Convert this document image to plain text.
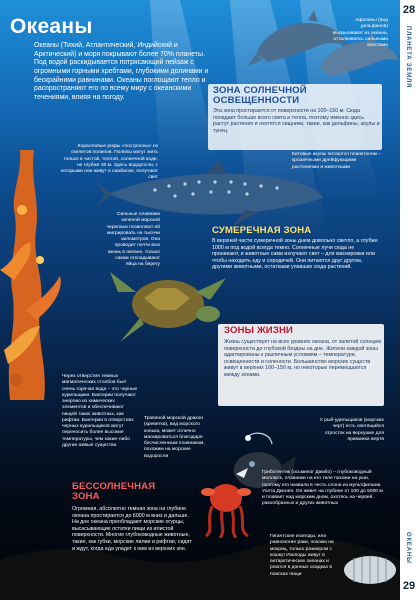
Океаны
Океаны (Тихий, Атлантический, Индийский и Арктический) и моря покрывают более 70% планеты. Под водой раскидывается потрясающий пейзаж с огромными горными хребтами, глубокими долинами и бескрайними равнинами. Океаны поглощают тепло и распространяют его по всему миру с океанскими течениями, влияя на погоду.
Афалины (вид дельфинов) выпрыгивают из океана, отталкиваясь сильными хвостами
ЗОНА СОЛНЕЧНОЙ ОСВЕЩЕННОСТИ
Эта зона простирается от поверхности на 100–150 м. Сюда попадает больше всего света и тепла, поэтому именно здесь растут растения и охотятся хищники, такие, как дельфины, акулы и тунец.
Коралловые рифы «построены» из скелетов полипов. Полипы могут жить только в чистой, теплой, солнечной воде, не глубже 30 м. Здесь водоросли, с которыми они живут в симбиозе, получают свет
Китовые акулы питаются планктоном – крошечными дрейфующими растениями и животными
Сильные плавники зеленой морской черепахи позволяют ей мигрировать на тысячи километров. Она проводит почти всю жизнь в океане, только самки откладывают яйца на берегу
СУМЕРЕЧНАЯ ЗОНА
В верхней части сумеречной зоны днем довольно светло, а глубже 1000 м под водой всегда темно. Солнечные лучи сюда не проникают, и животные сами излучают свет – для маскировки или чтобы находить еду и сородичей. Они питаются друг другом, другими животными, остатками упавших сюда растений.
ЗОНЫ ЖИЗНИ
Жизнь существует на всех уровнях океана, от залитой солнцем поверхности до глубокой бездны на дне. Жители каждой зоны адаптированы к различным условиям – температуре, освещенности и солености. Большинство морских существ живут в верхних 100–150 м, но некоторые перемещаются между зонами.
Через отверстия темных магматических столбов бьет очень горячая вода – это черные курильщики. Бактерии получают энергию из химических элементов и обеспечивают пищей таких животных, как рифтии. Бактерии в отверстиях черных курильщиков могут переносить более высокие температуры, чем какие-либо другие живые существа
Травяной морской дракон (креветка), вид морского конька, может отлично маскироваться благодаря бесчисленным плавникам, похожим на морские водоросли
У рыб-удильщиков (морских черт) есть светящийся отросток на верхушке для приманки жертв
БЕССОЛНЕЧНАЯ ЗОНА
Огромная, абсолютно темная зона на глубине океана простирается до 6000 м вниз и дальше. На дне океана преобладают морские огурцы, высасывающие остатки пищи из илистой поверхности. Многие глубоководные животные, такие, как губки, морские лилии и рифтии, сидят и ждут, когда еда упадет к ним из верхних зон.
Гриботентик (осьминог Дамбо) – глубоководный моллюск, плавники на его теле похожи на уши, поэтому его назвали в честь слона из мультфильма Уолта Диснея. Он живет на глубине от 100 до 5000 м и плавает над морским дном, охотясь на червей, ракообразных и других животных
Гигантские изоподы, или равноногие раки, похожи на мокриц, только размером с кошку! Изоподы живут в антарктических океанах и роются в донных осадках в поисках пищи
28
ПЛАНЕТА ЗЕМЛЯ
ОКЕАНЫ
29
